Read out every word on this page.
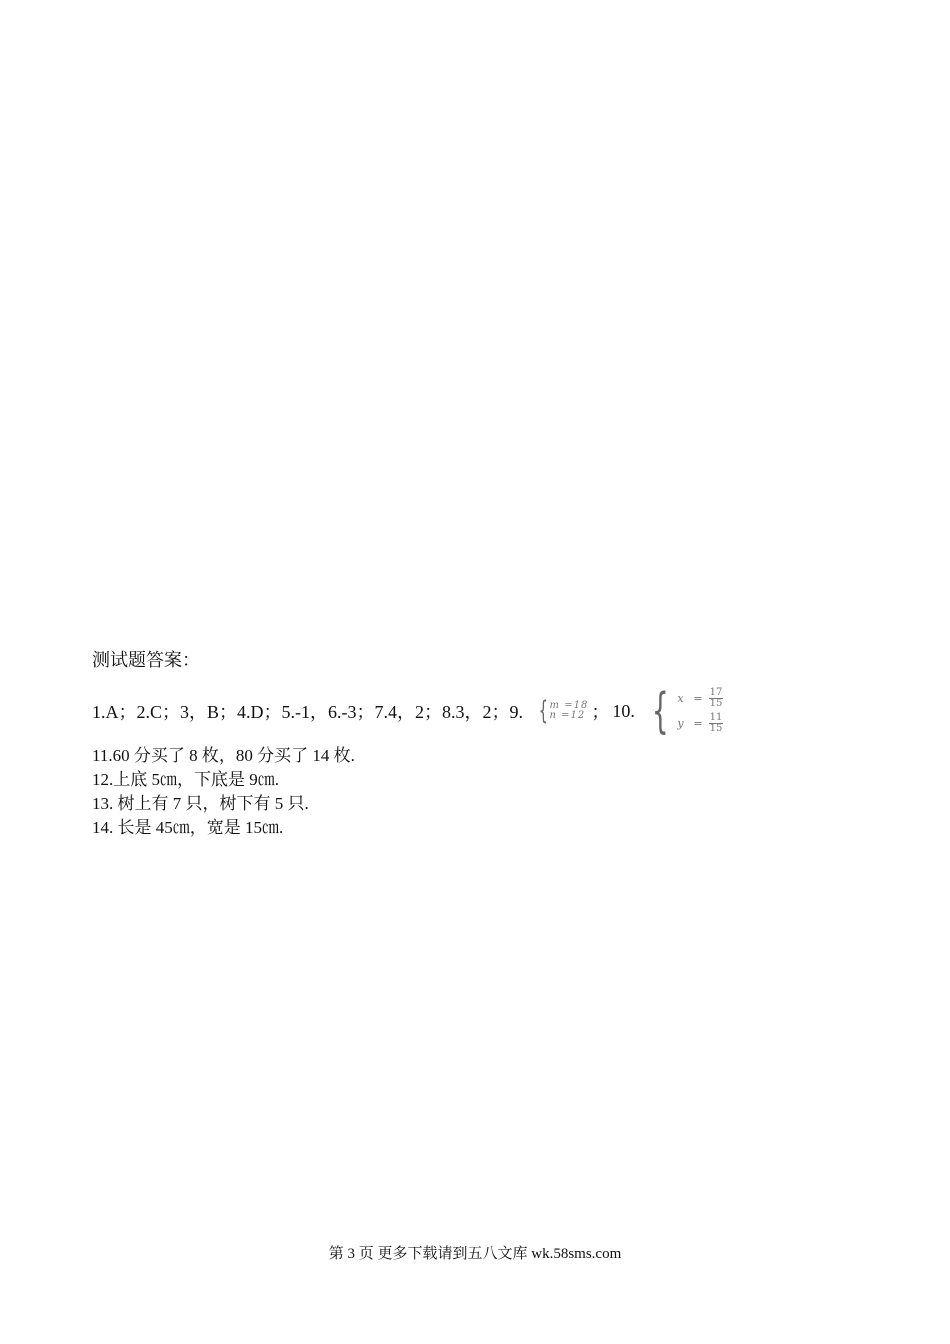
测试题答案：
1.A；2.C；3，B；4.D；5.-1，6.-3；7.4，2；8.3，2；9. { m =18
n =12 ； 10. { $x = \frac{17}{15}$
$y = \frac{11}{15}$
11.60 分买了 8 枚，80 分买了 14 枚.
12.上底 5㎝，下底是 9㎝.
13. 树上有 7 只，树下有 5 只.
14. 长是 45㎝，宽是 15㎝.
第 3 页 更多下载请到五八文库 wk.58sms.com
